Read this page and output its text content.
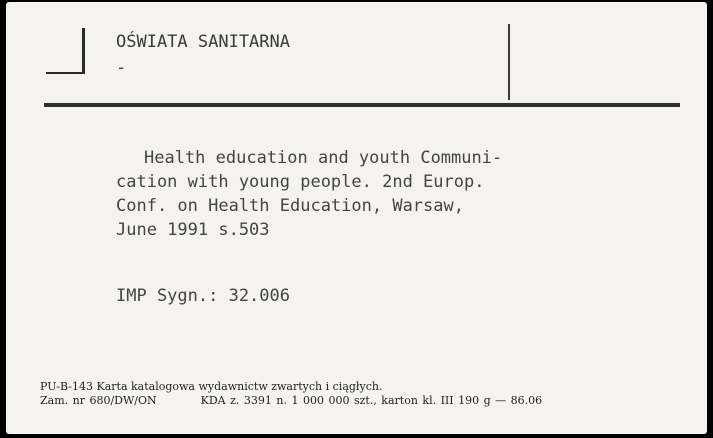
OŚWIATA SANITARNA
-
Health education and youth Communi-
cation with young people. 2nd Europ.
Conf. on Health Education, Warsaw,
June 1991 s.503
IMP Sygn.: 32.006
PU-B-143 Karta katalogowa wydawnictw zwartych i ciągłych.
Zam. nr 680/DW/ON	KDA z. 3391 n. 1 000 000 szt., karton kl. III 190 g — 86.06
